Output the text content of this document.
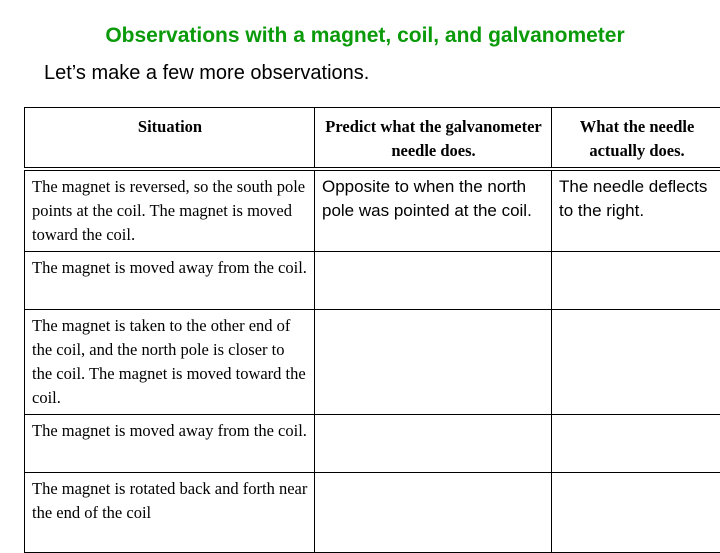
Observations with a magnet, coil, and galvanometer
Let’s make a few more observations.
Situation	Predict what the galvanometer needle does.	What the needle actually does.
The magnet is reversed, so the south pole points at the coil. The magnet is moved toward the coil.	Opposite to when the north pole was pointed at the coil.	The needle deflects to the right.
The magnet is moved away from the coil.		
The magnet is taken to the other end of the coil, and the north pole is closer to the coil. The magnet is moved toward the coil.		
The magnet is moved away from the coil.		
The magnet is rotated back and forth near the end of the coil		
